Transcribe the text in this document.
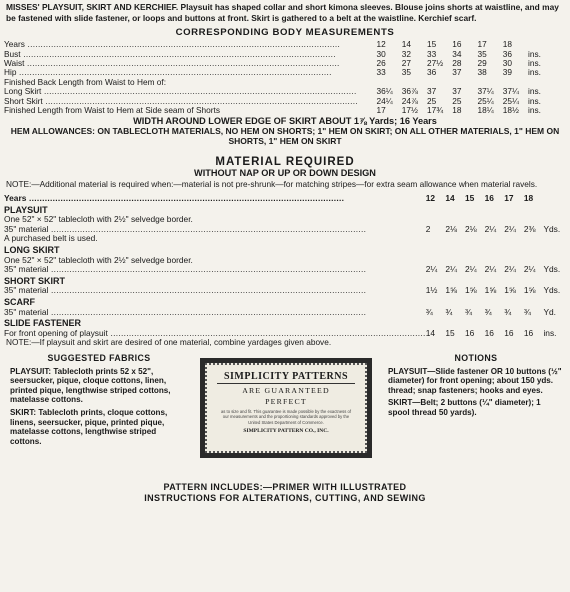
MISSES' PLAYSUIT, SKIRT AND KERCHIEF. Playsuit has shaped collar and short kimona sleeves. Blouse joins shorts at waistline, and may be fastened with slide fastener, or loops and buttons at front. Skirt is gathered to a belt at the waistline. Kerchief scarf.

CORRESPONDING BODY MEASUREMENTS

Years .....	12	14	15	16	17	18	
Bust .....	30	32	33	34	35	36	ins.
Waist .....	26	27	27½	28	29	30	ins.
Hip .....	33	35	36	37	38	39	ins.
Finished Back Length from Waist to Hem of:							
Long Skirt .....	36¼	36⅞	37	37	37¼	37¼	ins.
Short Skirt .....	24¼	24⅞	25	25	25¼	25¼	ins.
Finished Length from Waist to Hem at Side seam of Shorts	17	17½	17¾	18	18¼	18½	ins.

WIDTH AROUND LOWER EDGE OF SKIRT ABOUT 1⅞ Yards; 16 Years

HEM ALLOWANCES: ON TABLECLOTH MATERIALS, NO HEM ON SHORTS; 1" HEM ON SKIRT; ON ALL OTHER MATERIALS, 1" HEM ON SHORTS, 1" HEM ON SKIRT

MATERIAL REQUIRED

WITHOUT NAP OR UP OR DOWN DESIGN

NOTE:—Additional material is required when:—material is not pre-shrunk—for matching stripes—for extra seam allowance when material ravels.

Years .....	12	14	15	16	17	18	
PLAYSUIT							
One 52" × 52" tablecloth with 2½" selvedge border.							
35" material .....	2	2⅛	2⅛	2¼	2¼	2⅜	Yds.
A purchased belt is used.							
LONG SKIRT							
One 52" × 52" tablecloth with 2½" selvedge border.							
35" material .....	2¼	2¼	2¼	2¼	2¼	2¼	Yds.
SHORT SKIRT							
35" material .....	1½	1⅝	1⅝	1⅝	1⅝	1⅝	Yds.
SCARF							
35" material .....	¾	¾	¾	¾	¾	¾	Yd.
SLIDE FASTENER							
For front opening of playsuit .....	14	15	16	16	16	16	ins.

NOTE:—If playsuit and skirt are desired of one material, combine yardages given above.

SUGGESTED FABRICS
PLAYSUIT: Tablecloth prints 52 x 52", seersucker, pique, cloque cottons, linen, printed pique, lengthwise striped cottons, matelasse cottons.
SKIRT: Tablecloth prints, cloque cottons, linens, seersucker, pique, printed pique, matelasse cottons, lengthwise striped cottons.
SIMPLICITY PATTERNS
ARE GUARANTEED
PERFECT
as to size and fit. This guarantee is made possible by the exactness of our measurements and the proportioning standards approved by the United States Department of Commerce.
SIMPLICITY PATTERN CO., INC.
NOTIONS
PLAYSUIT—Slide fastener OR 10 buttons (½" diameter) for front opening; about 150 yds. thread; snap fasteners; hooks and eyes.
SKIRT—Belt; 2 buttons (¼" diameter); 1 spool thread 50 yards).
PATTERN INCLUDES:—PRIMER WITH ILLUSTRATED
INSTRUCTIONS FOR ALTERATIONS, CUTTING, AND SEWING
